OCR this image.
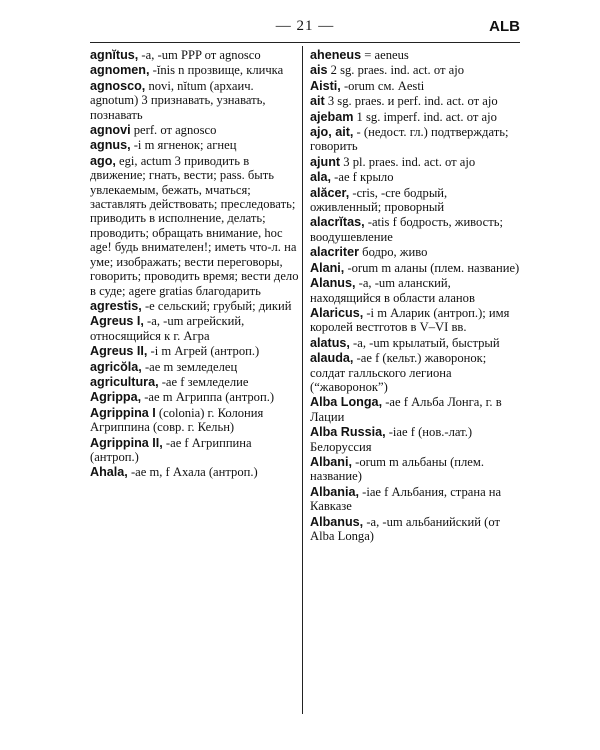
— 21 —	ALB
agnĭtus, -a, -um PPP от agnosco
agnomen, -ĭnis n прозвище, кличка
agnosco, novi, nĭtum (архаич. agnotum) 3 признавать, узнавать, познавать
agnovi perf. от agnosco
agnus, -i m ягненок; агнец
ago, egi, actum 3 приводить в движение; гнать, вести; pass. быть увлекаемым, бежать, мчаться; заставлять действовать; преследовать; приводить в исполнение, делать; проводить; обращать внимание, hoc age! будь внимателен!; иметь что-л. на уме; изображать; вести переговоры, говорить; проводить время; вести дело в суде; agere gratias благодарить
agrestis, -e сельский; грубый; дикий
Agreus I, -a, -um агрейский, относящийся к г. Агра
Agreus II, -i m Агрей (антроп.)
agricŏla, -ae m земледелец
agricultura, -ae f земледелие
Agrippa, -ae m Агриппа (антроп.)
Agrippina I (colonia) г. Колония Агриппина (совр. г. Кельн)
Agrippina II, -ae f Агриппина (антроп.)
Ahala, -ae m, f Ахала (антроп.)
aheneus = aeneus
ais 2 sg. praes. ind. act. от ajo
Aisti, -orum см. Aesti
ait 3 sg. praes. и perf. ind. act. от ajo
ajebam 1 sg. imperf. ind. act. от ajo
ajo, ait, - (недост. гл.) подтверждать; говорить
ajunt 3 pl. praes. ind. act. от ajo
ala, -ae f крыло
alăcer, -cris, -cre бодрый, оживленный; проворный
alacrĭtas, -atis f бодрость, живость; воодушевление
alacriter бодро, живо
Alani, -orum m аланы (плем. название)
Alanus, -a, -um аланский, находящийся в области аланов
Alaricus, -i m Аларик (антроп.); имя королей вестготов в V–VI вв.
alatus, -a, -um крылатый, быстрый
alauda, -ae f (кельт.) жаворонок; солдат галльского легиона (“жаворонок”)
Alba Longa, -ae f Альба Лонга, г. в Лации
Alba Russia, -iae f (нов.-лат.) Белоруссия
Albani, -orum m альбаны (плем. название)
Albania, -iae f Альбания, страна на Кавказе
Albanus, -a, -um альбанийский (от Alba Longa)
